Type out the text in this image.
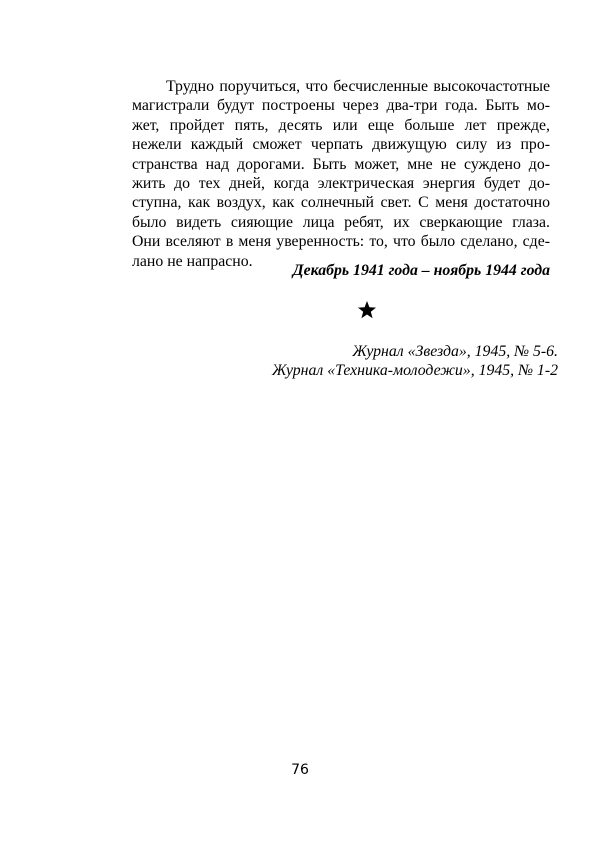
Трудно поручиться, что бесчисленные высокочастотные
магистрали будут построены через два-три года. Быть мо-
жет, пройдет пять, десять или еще больше лет прежде,
нежели каждый сможет черпать движущую силу из про-
странства над дорогами. Быть может, мне не суждено до-
жить до тех дней, когда электрическая энергия будет до-
ступна, как воздух, как солнечный свет. С меня достаточно
было видеть сияющие лица ребят, их сверкающие глаза.
Они вселяют в меня уверенность: то, что было сделано, сде-
лано не напрасно.

Декабрь 1941 года – ноябрь 1944 года

Журнал «Звезда», 1945, № 5-6.

Журнал «Техника-молодежи», 1945, № 1-2

76
